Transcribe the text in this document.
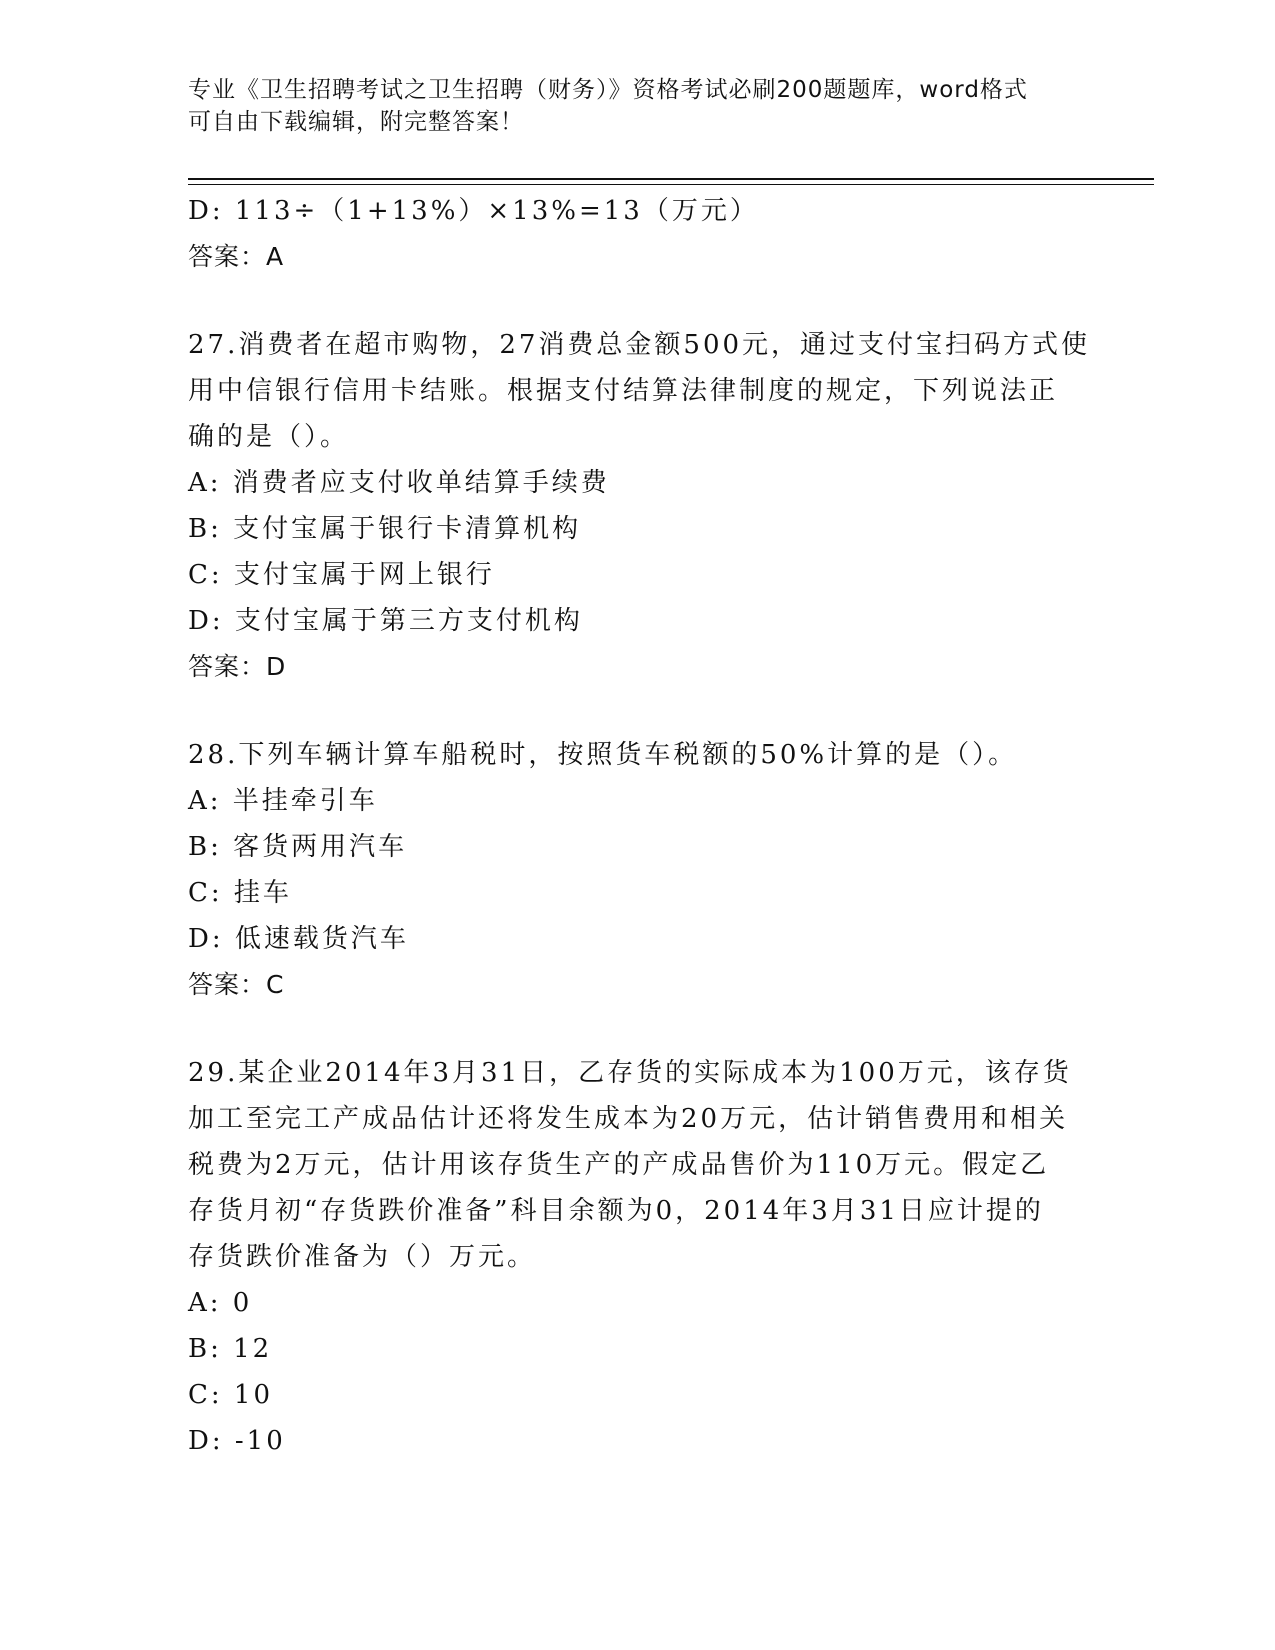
专业《卫生招聘考试之卫生招聘（财务）》资格考试必刷200题题库，word格式
可自由下载编辑，附完整答案！
D: 113÷（1+13%）×13%=13（万元）
答案：A
27.消费者在超市购物，27消费总金额500元，通过支付宝扫码方式使
用中信银行信用卡结账。根据支付结算法律制度的规定，下列说法正
确的是（）。
A: 消费者应支付收单结算手续费
B: 支付宝属于银行卡清算机构
C: 支付宝属于网上银行
D: 支付宝属于第三方支付机构
答案：D
28.下列车辆计算车船税时，按照货车税额的50%计算的是（）。
A: 半挂牵引车
B: 客货两用汽车
C: 挂车
D: 低速载货汽车
答案：C
29.某企业2014年3月31日，乙存货的实际成本为100万元，该存货
加工至完工产成品估计还将发生成本为20万元，估计销售费用和相关
税费为2万元，估计用该存货生产的产成品售价为110万元。假定乙
存货月初“存货跌价准备”科目余额为0，2014年3月31日应计提的
存货跌价准备为（）万元。
A: 0
B: 12
C: 10
D: -10
